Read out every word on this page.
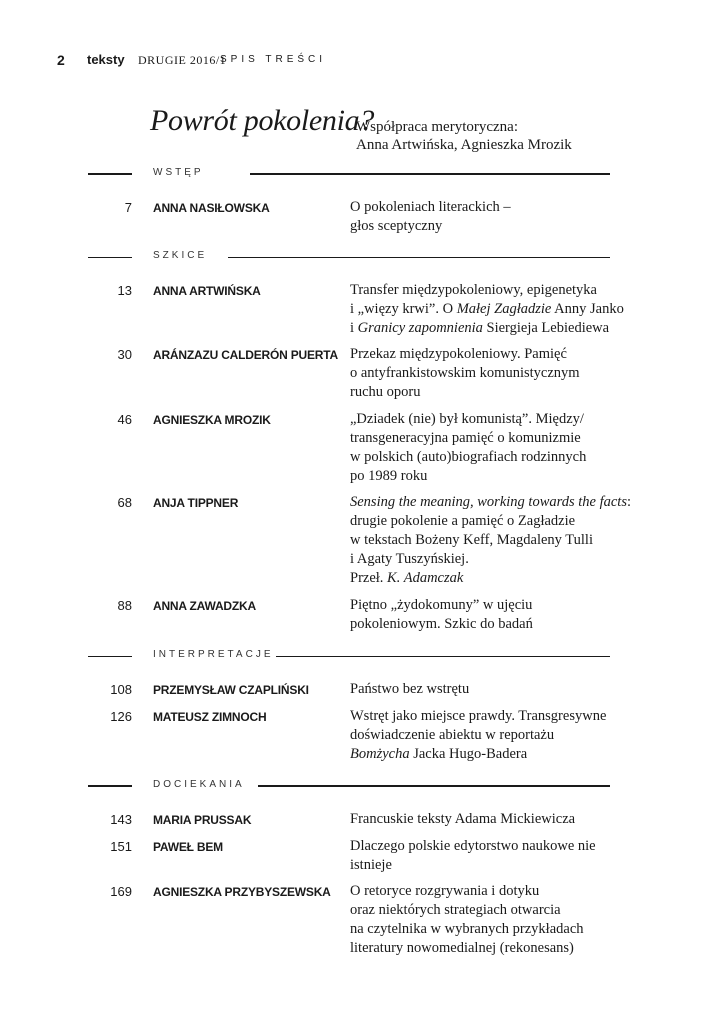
2 teksty DRUGIE 2016/1
SPIS TREŚCI
Powrót pokolenia?
Współpraca merytoryczna:
Anna Artwińska, Agnieszka Mrozik
WSTĘP
7 ANNA NASIŁOWSKA	O pokoleniach literackich –
głos sceptyczny
SZKICE
13 ANNA ARTWIŃSKA	Transfer międzypokoleniowy, epigenetyka
i „więzy krwi”. O Małej Zagładzie Anny Janko
i Granicy zapomnienia Siergieja Lebiediewa
30 ARÁNZAZU CALDERÓN PUERTA Przekaz międzypokoleniowy. Pamięć
o antyfrankistowskim komunistycznym
ruchu oporu
46 AGNIESZKA MROZIK	„Dziadek (nie) był komunistą”. Między/
transgeneracyjna pamięć o komunizmie
w polskich (auto)biografiach rodzinnych
po 1989 roku
68 ANJA TIPPNER	Sensing the meaning, working towards the facts:
drugie pokolenie a pamięć o Zagładzie
w tekstach Bożeny Keff, Magdaleny Tulli
i Agaty Tuszyńskiej.
Przeł. K. Adamczak
88 ANNA ZAWADZKA	Piętno „żydokomuny” w ujęciu
pokoleniowym. Szkic do badań
INTERPRETACJE
108 PRZEMYSŁAW CZAPLIŃSKI	Państwo bez wstrętu
126 MATEUSZ ZIMNOCH	Wstręt jako miejsce prawdy. Transgresywne
doświadczenie abiektu w reportażu
Bomżycha Jacka Hugo-Badera
DOCIEKANIA
143 MARIA PRUSSAK	Francuskie teksty Adama Mickiewicza
151 PAWEŁ BEM	Dlaczego polskie edytorstwo naukowe nie
istnieje
169 AGNIESZKA PRZYBYSZEWSKA O retoryce rozgrywania i dotyku
oraz niektórych strategiach otwarcia
na czytelnika w wybranych przykładach
literatury nowomedialnej (rekonesans)
